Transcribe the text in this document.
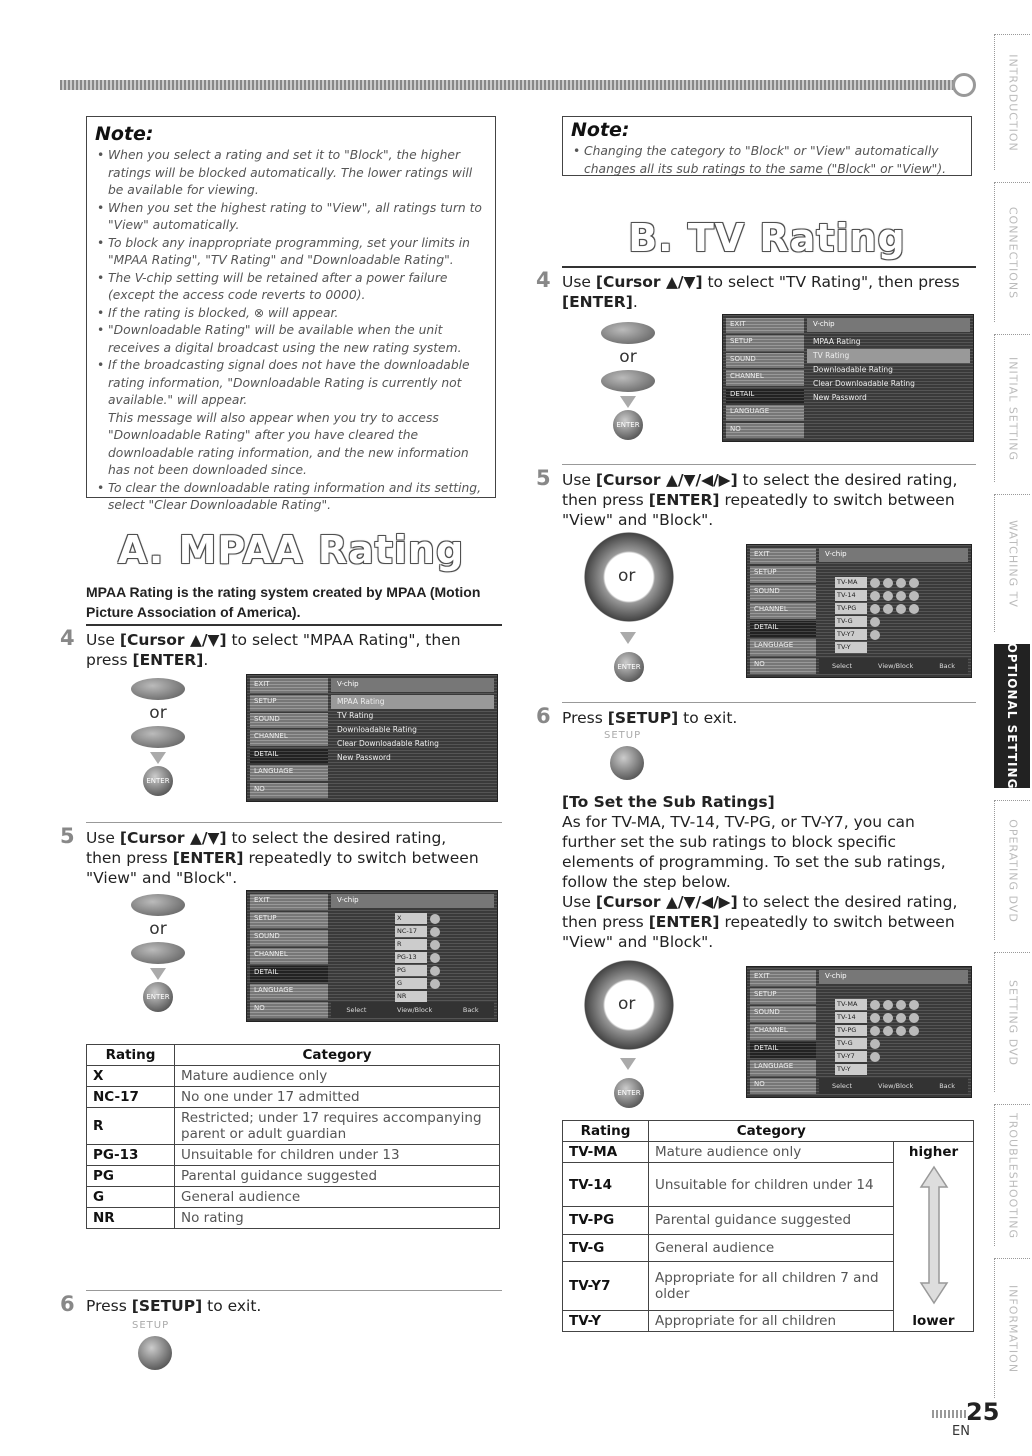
Note:
• When you select a rating and set it to "Block", the higher ratings will be blocked automatically. The lower ratings will be available for viewing.
• When you set the highest rating to "View", all ratings turn to "View" automatically.
• To block any inappropriate programming, set your limits in "MPAA Rating", "TV Rating" and "Downloadable Rating".
• The V-chip setting will be retained after a power failure (except the access code reverts to 0000).
• If the rating is blocked, ⊗ will appear.
• "Downloadable Rating" will be available when the unit receives a digital broadcast using the new rating system.
• If the broadcasting signal does not have the downloadable rating information, "Downloadable Rating is currently not available." will appear.
This message will also appear when you try to access "Downloadable Rating" after you have cleared the downloadable rating information, and the new information has not been downloaded since.
• To clear the downloadable rating information and its setting, select "Clear Downloadable Rating".
A. MPAA Rating
MPAA Rating is the rating system created by MPAA (Motion Picture Association of America).
4 Use [Cursor ▲/▼] to select "MPAA Rating", then press [ENTER].
or
ENTER
EXIT
SETUP
SOUND
CHANNEL
DETAIL
LANGUAGE
NO
V-chip
MPAA Rating
TV Rating
Downloadable Rating
Clear Downloadable Rating
New Password
5 Use [Cursor ▲/▼] to select the desired rating, then press [ENTER] repeatedly to switch between "View" and "Block".
or
ENTER
EXIT
SETUP
SOUND
CHANNEL
DETAIL
LANGUAGE
NO
V-chip
X
NC-17
R
PG-13
PG
G
NR
Select	View/Block	Back
Rating	Category
X	Mature audience only
NC-17	No one under 17 admitted
R	Restricted; under 17 requires accompanying parent or adult guardian
PG-13	Unsuitable for children under 13
PG	Parental guidance suggested
G	General audience
NR	No rating
6 Press [SETUP] to exit.
SETUP
Note:
• Changing the category to "Block" or "View" automatically changes all its sub ratings to the same ("Block" or "View").
B. TV Rating
4 Use [Cursor ▲/▼] to select "TV Rating", then press [ENTER].
or
ENTER
EXIT
SETUP
SOUND
CHANNEL
DETAIL
LANGUAGE
NO
V-chip
MPAA Rating
TV Rating
Downloadable Rating
Clear Downloadable Rating
New Password
5 Use [Cursor ▲/▼/◀/▶] to select the desired rating, then press [ENTER] repeatedly to switch between "View" and "Block".
or
ENTER
EXIT
SETUP
SOUND
CHANNEL
DETAIL
LANGUAGE
NO
V-chip
TV-MA
TV-14
TV-PG
TV-G
TV-Y7
TV-Y
Select	View/Block	Back
6 Press [SETUP] to exit.
SETUP
[To Set the Sub Ratings]
As for TV-MA, TV-14, TV-PG, or TV-Y7, you can further set the sub ratings to block specific elements of programming. To set the sub ratings, follow the step below.
Use [Cursor ▲/▼/◀/▶] to select the desired rating, then press [ENTER] repeatedly to switch between "View" and "Block".
or
ENTER
EXIT
SETUP
SOUND
CHANNEL
DETAIL
LANGUAGE
NO
V-chip
TV-MA
TV-14
TV-PG
TV-G
TV-Y7
TV-Y
Select	View/Block	Back
Rating	Category	
TV-MA	Mature audience only	higher
TV-14	Unsuitable for children under 14	
TV-PG	Parental guidance suggested	
TV-G	General audience	
TV-Y7	Appropriate for all children 7 and older	
TV-Y	Appropriate for all children	lower
INTRODUCTION
CONNECTIONS
INITIAL SETTING
WATCHING TV
OPTIONAL SETTING
OPERATING DVD
SETTING DVD
TROUBLESHOOTING
INFORMATION
25
EN
